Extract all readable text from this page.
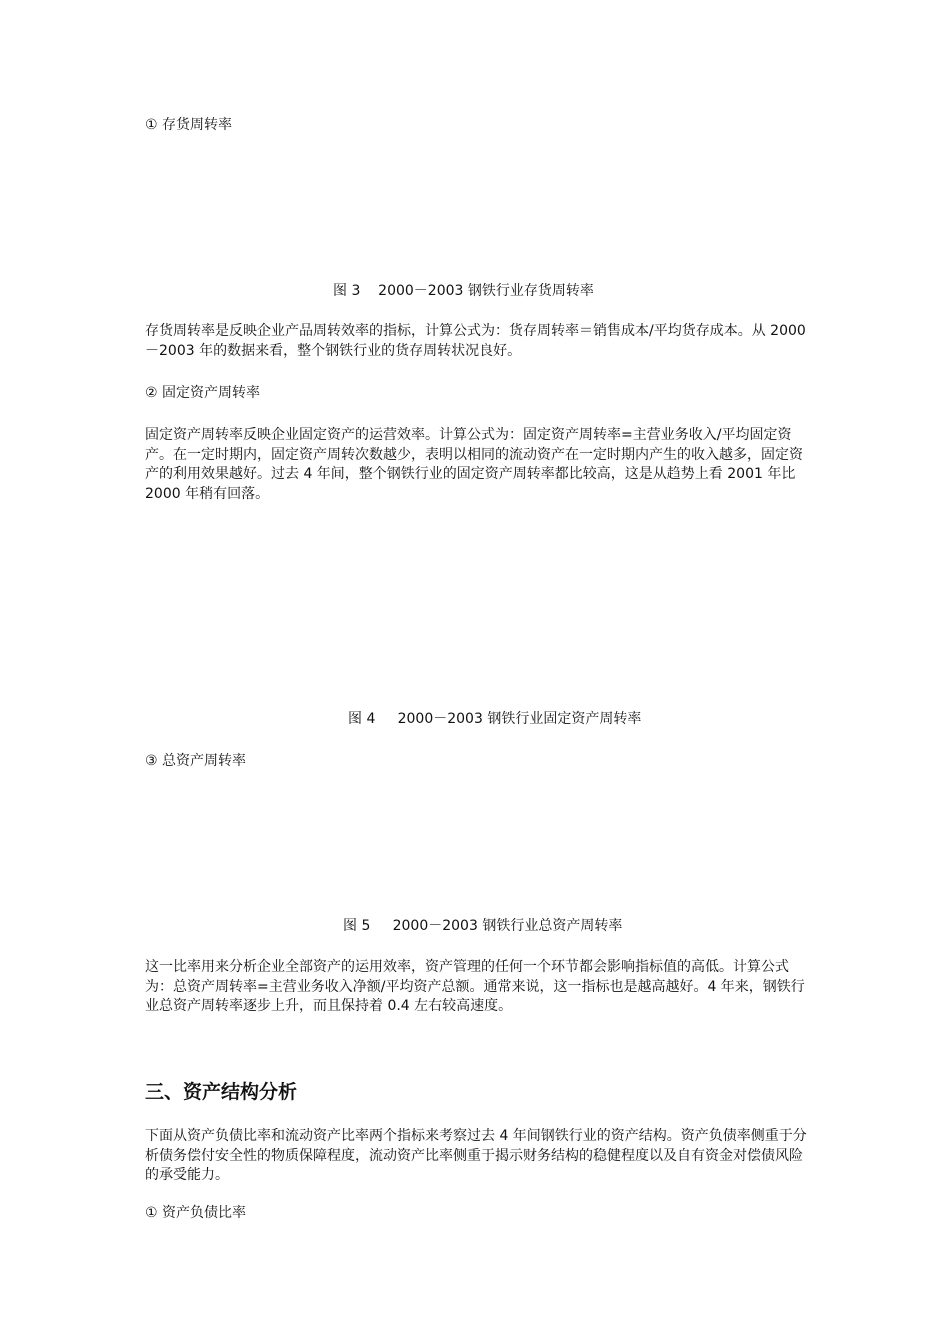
① 存货周转率

图 3    2000－2003 钢铁行业存货周转率

存货周转率是反映企业产品周转效率的指标，计算公式为：货存周转率＝销售成本/平均货存成本。从 2000－2003 年的数据来看，整个钢铁行业的货存周转状况良好。

② 固定资产周转率

固定资产周转率反映企业固定资产的运营效率。计算公式为：固定资产周转率=主营业务收入/平均固定资产。在一定时期内，固定资产周转次数越少，表明以相同的流动资产在一定时期内产生的收入越多，固定资产的利用效果越好。过去 4 年间，整个钢铁行业的固定资产周转率都比较高，这是从趋势上看 2001 年比 2000 年稍有回落。

图 4     2000－2003 钢铁行业固定资产周转率

③ 总资产周转率

图 5     2000－2003 钢铁行业总资产周转率

这一比率用来分析企业全部资产的运用效率，资产管理的任何一个环节都会影响指标值的高低。计算公式为：总资产周转率=主营业务收入净额/平均资产总额。通常来说，这一指标也是越高越好。4 年来，钢铁行业总资产周转率逐步上升，而且保持着 0.4 左右较高速度。

三、资产结构分析

下面从资产负债比率和流动资产比率两个指标来考察过去 4 年间钢铁行业的资产结构。资产负债率侧重于分析债务偿付安全性的物质保障程度，流动资产比率侧重于揭示财务结构的稳健程度以及自有资金对偿债风险的承受能力。

① 资产负债比率
